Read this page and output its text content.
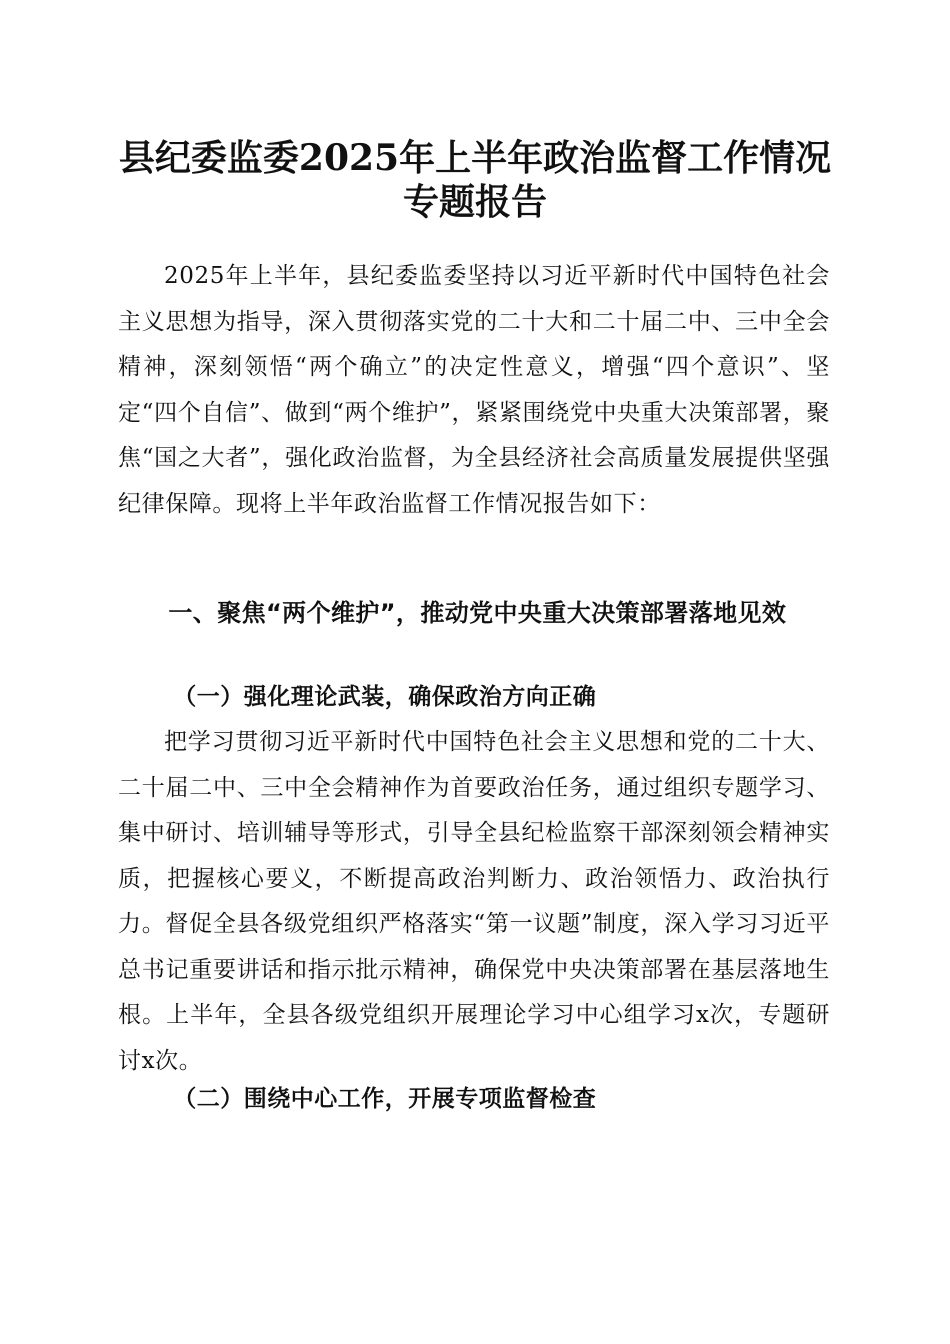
县纪委监委2025年上半年政治监督工作情况
专题报告

2025年上半年，县纪委监委坚持以习近平新时代中国特色社会主义思想为指导，深入贯彻落实党的二十大和二十届二中、三中全会精神，深刻领悟“两个确立”的决定性意义，增强“四个意识”、坚定“四个自信”、做到“两个维护”，紧紧围绕党中央重大决策部署，聚焦“国之大者”，强化政治监督，为全县经济社会高质量发展提供坚强纪律保障。现将上半年政治监督工作情况报告如下：

一、聚焦“两个维护”，推动党中央重大决策部署落地见效
（一）强化理论武装，确保政治方向正确

把学习贯彻习近平新时代中国特色社会主义思想和党的二十大、二十届二中、三中全会精神作为首要政治任务，通过组织专题学习、集中研讨、培训辅导等形式，引导全县纪检监察干部深刻领会精神实质，把握核心要义，不断提高政治判断力、政治领悟力、政治执行力。督促全县各级党组织严格落实“第一议题”制度，深入学习习近平总书记重要讲话和指示批示精神，确保党中央决策部署在基层落地生根。上半年，全县各级党组织开展理论学习中心组学习x次，专题研讨x次。

（二）围绕中心工作，开展专项监督检查
